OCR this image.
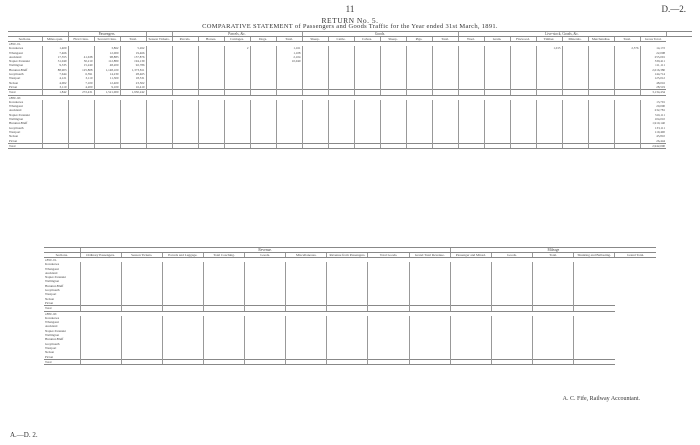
11	D.—2.
RETURN No. 5.
COMPARATIVE STATEMENT of Passengers and Goods Traffic for the Year ended 31st March, 1891.
		Passengers.				Parcels, &c.					Goods.						Live-stock, Goods, &c.								
Sections.	Miles open.	First Class.	Second Class.	Total.	Season Tickets.	Parcels.	Horses.	Carriages.	Dogs.	Total.	Sheep.	Cattle.	Calves.	Sheep.	Pigs.	Total.	Wool.	Grain.	Firewood.	Timber.	Minerals.	Merchandise.	Total.	Gross Total.	
1890–91.																									
Kawakawa	1,400		3,862	5,262				2		1,161										1,015			2,576	14,172	
Whangarei	7,466		12,000	19,466						1,108														22,008	
Auckland	17,355	41,638	98,883	157,876						2,104														255,091	
Napier-Taranaki	31,049	50,210	112,880	194,139						10,040														339,411	
Wellington	9,335	15,240	48,200	92,786																				111,111	
Hurunui-Bluff	88,903	125,808	1,148,100	1,373,811																				2,016,380	
Greymouth	7,644	6,591	14,230	28,465																				144,714	
Westport	4,121	3,110	11,300	18,531																				125,012	
Nelson	4,002	7,100	12,400	23,502																				48,016	
Picton	3,110	4,200	9,100	16,410																				28,519	
Total	1,842	272,431	1,521,000	1,930,242																				3,134,434	
1889–90.																									
Kawakawa																								13,791	
Whangarei																								20,000	
Auckland																								232,781	
Napier-Taranaki																								316,111	
Wellington																								104,010	
Hurunui-Bluff																								1,910,140	
Greymouth																								133,111	
Westport																								119,400	
Nelson																								45,810	
Picton																								26,444	
Total																								2,942,000	
	Revenue.									Mileage				
Sections.	Ordinary Passengers.	Season Tickets.	Parcels and Luggage.	Total Coaching.	Goods.	Miscellaneous.	Revenue from Passengers.	Total Goods.	Grand Total Revenue.	Passenger and Mixed.	Goods.	Total.	Shunting and Ballasting.	Grand Total.
1890–91.														
Kawakawa														
Whangarei														
Auckland														
Napier-Taranaki														
Wellington														
Hurunui-Bluff														
Greymouth														
Westport														
Nelson														
Picton														
Total														
1889–90.														
Kawakawa														
Whangarei														
Auckland														
Napier-Taranaki														
Wellington														
Hurunui-Bluff														
Greymouth														
Westport														
Nelson														
Picton														
Total														
A. C. Fife, Railway Accountant.
A.—D. 2.
